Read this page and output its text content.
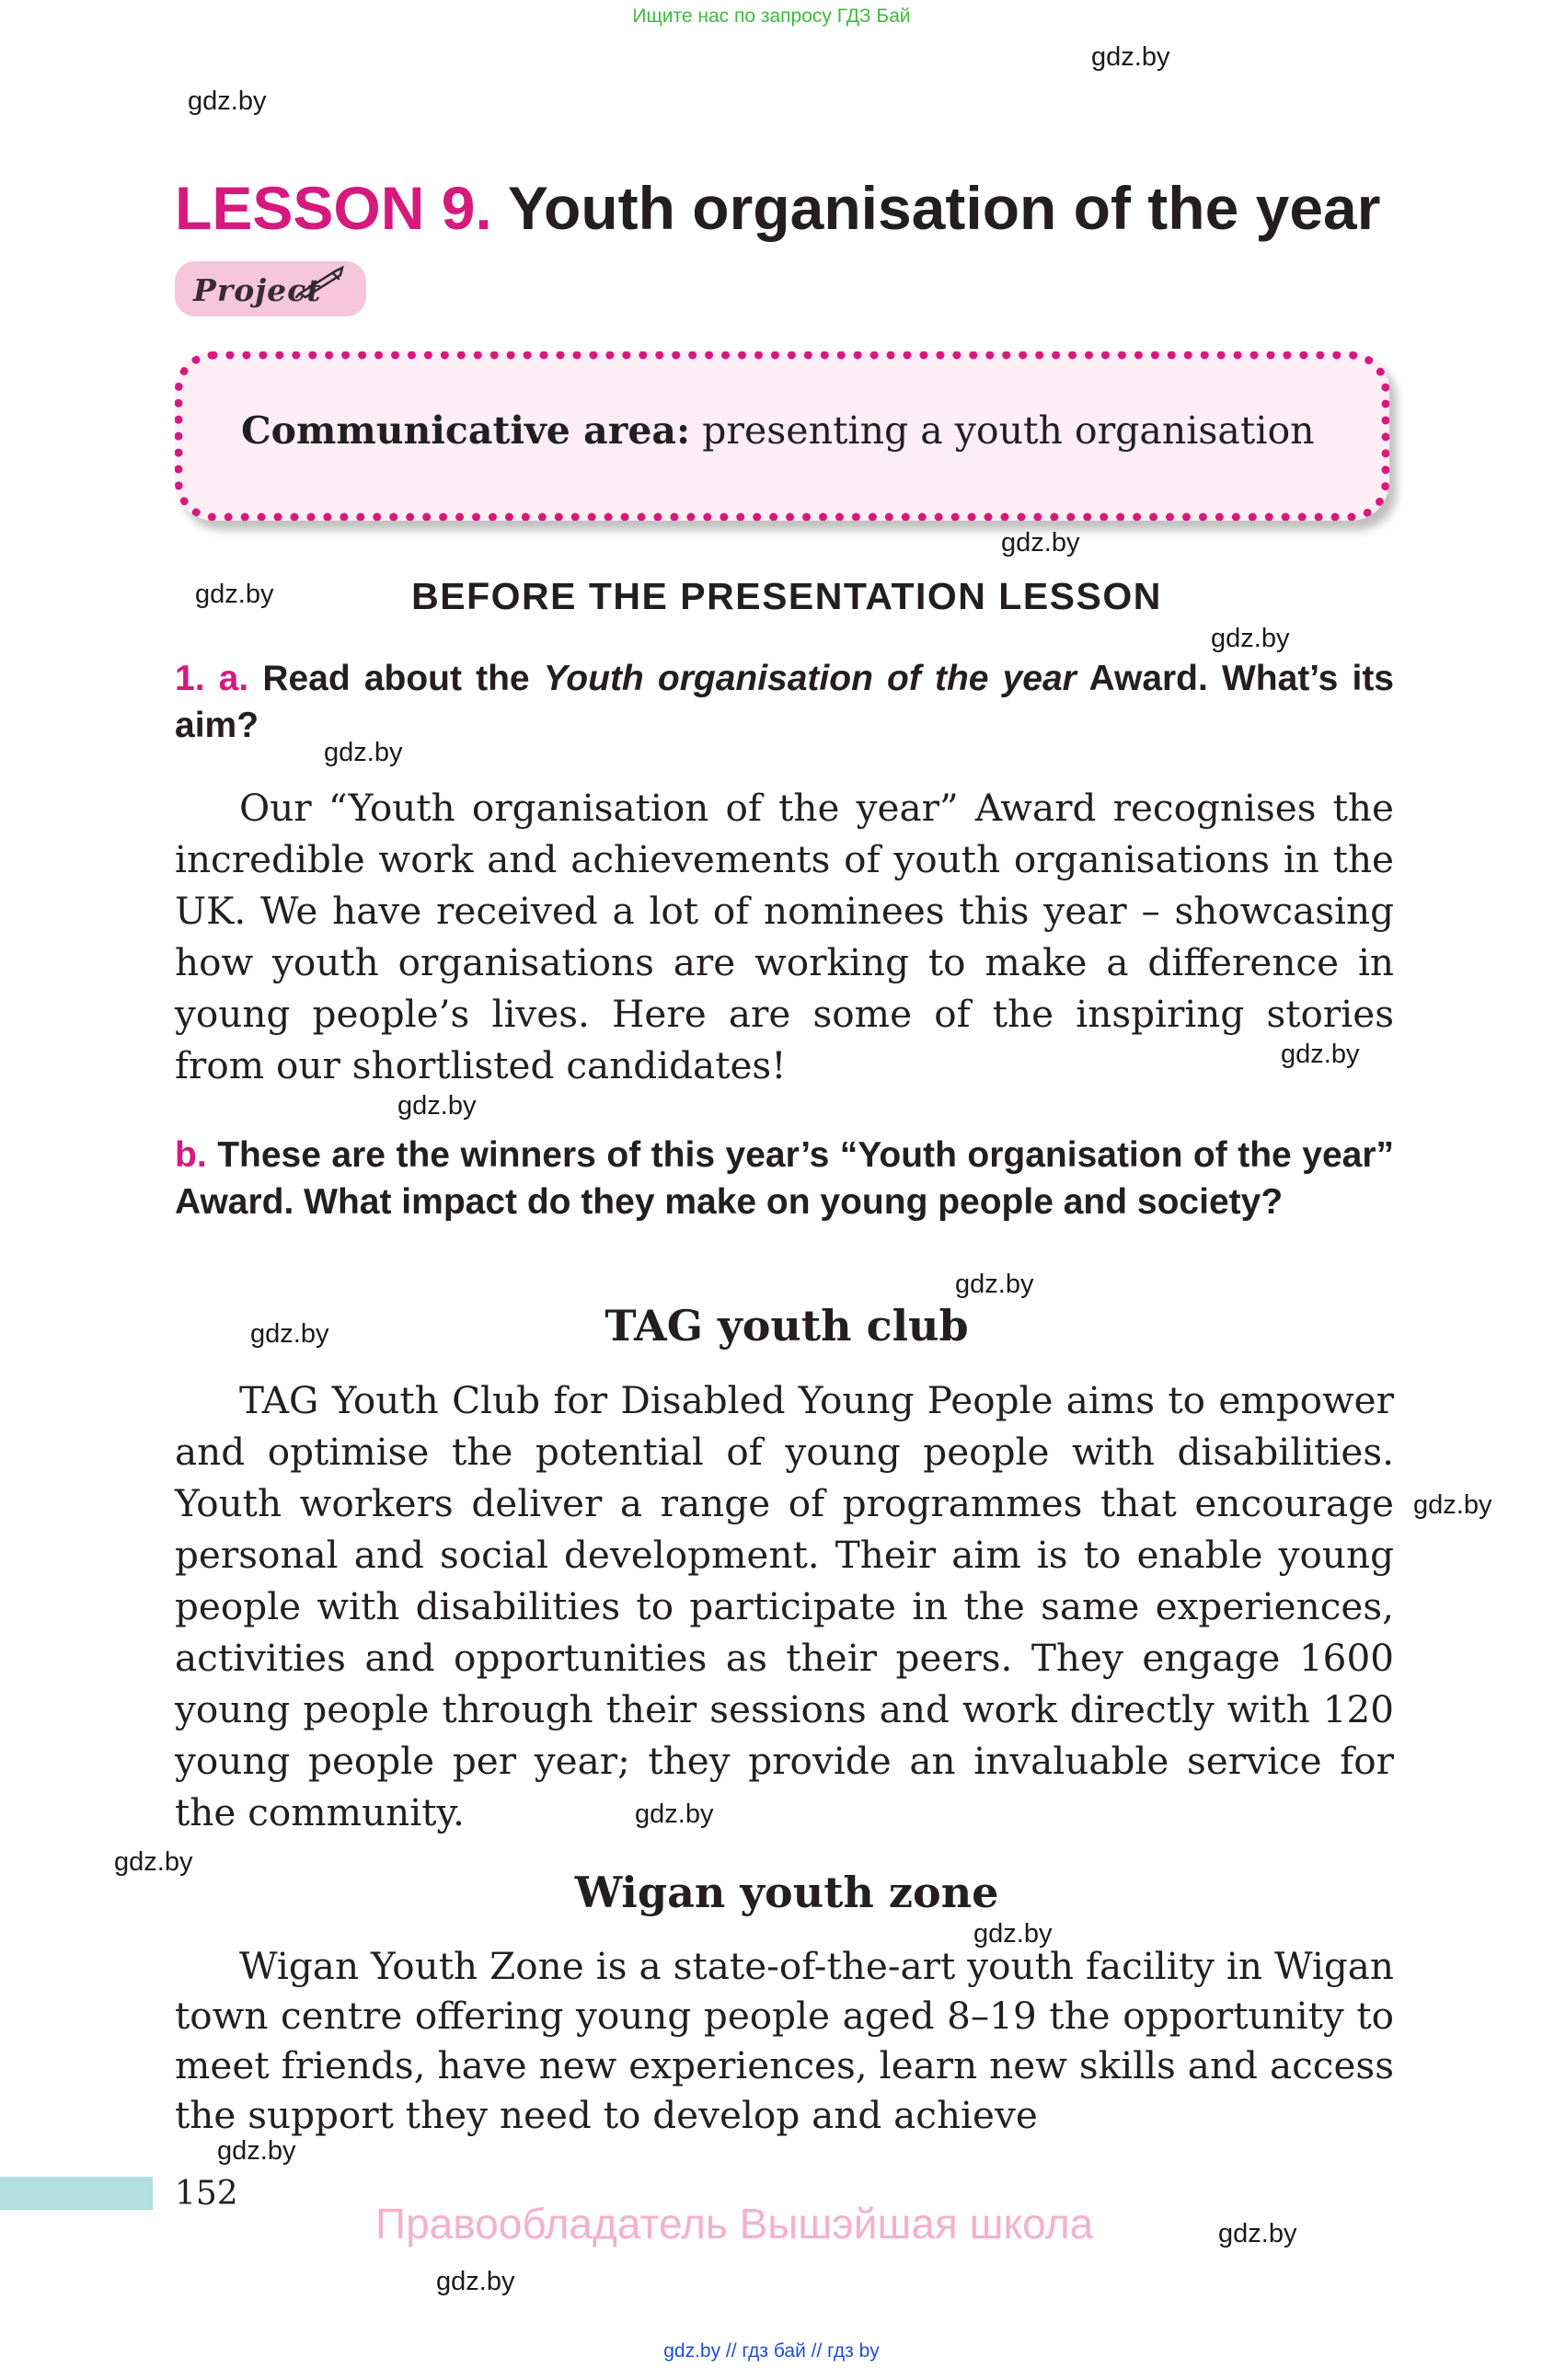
Ищите нас по запросу ГДЗ Бай
gdz.by
gdz.by
gdz.by
gdz.by
gdz.by
gdz.by
gdz.by
gdz.by
gdz.by
gdz.by
gdz.by
gdz.by
gdz.by
gdz.by
gdz.by
gdz.by
gdz.by
LESSON 9. Youth organisation of the year
Project
Communicative area: presenting a youth organisation
BEFORE THE PRESENTATION LESSON
1. a. Read about the Youth organisation of the year Award. What’s its aim?
Our “Youth organisation of the year” Award recognises the incredible work and achievements of youth organisations in the UK. We have received a lot of nominees this year – showcasing how youth organisations are working to make a difference in young people’s lives. Here are some of the inspiring stories from our shortlisted candidates!
b. These are the winners of this year’s “Youth organisation of the year” Award. What impact do they make on young people and society?
TAG youth club
TAG Youth Club for Disabled Young People aims to empower and optimise the potential of young people with disabilities. Youth workers deliver a range of programmes that encourage personal and social development. Their aim is to enable young people with disabilities to participate in the same experiences, activities and opportunities as their peers. They engage 1600 young people through their sessions and work directly with 120 young people per year; they provide an invaluable service for the community.
Wigan youth zone
Wigan Youth Zone is a state-of-the-art youth facility in Wigan town centre offering young people aged 8–19 the opportunity to meet friends, have new experiences, learn new skills and access the support they need to develop and achieve
152
Правообладатель Вышэйшая школа
gdz.by // гдз бай // гдз by
